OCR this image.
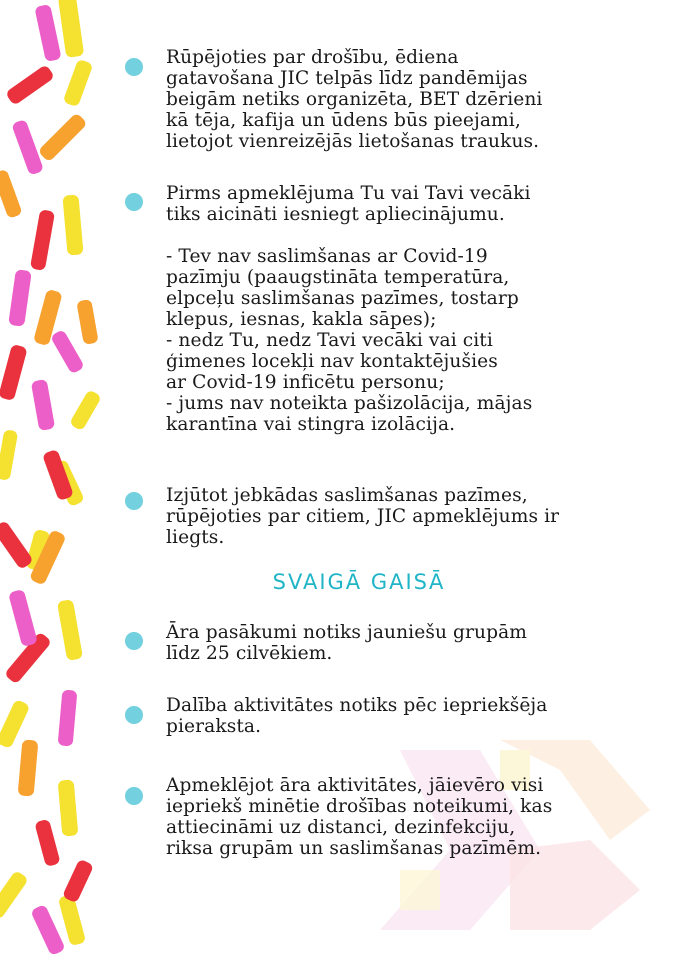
Rūpējoties par drošību, ēdiena
gatavošana JIC telpās līdz pandēmijas
beigām netiks organizēta, BET dzērieni
kā tēja, kafija un ūdens būs pieejami,
lietojot vienreizējās lietošanas traukus.
Pirms apmeklējuma Tu vai Tavi vecāki
tiks aicināti iesniegt apliecinājumu.

- Tev nav saslimšanas ar Covid-19
pazīmju (paaugstināta temperatūra,
elpceļu saslimšanas pazīmes, tostarp
klepus, iesnas, kakla sāpes);
- nedz Tu, nedz Tavi vecāki vai citi
ģimenes locekļi nav kontaktējušies
ar Covid-19 inficētu personu;
- jums nav noteikta pašizolācija, mājas
karantīna vai stingra izolācija.
Izjūtot jebkādas saslimšanas pazīmes,
rūpējoties par citiem, JIC apmeklējums ir
liegts.
SVAIGĀ GAISĀ
Āra pasākumi notiks jauniešu grupām
līdz 25 cilvēkiem.
Dalība aktivitātes notiks pēc iepriekšēja
pieraksta.
Apmeklējot āra aktivitātes, jāievēro visi
iepriekš minētie drošības noteikumi, kas
attiecināmi uz distanci, dezinfekciju,
riksa grupām un saslimšanas pazīmēm.
